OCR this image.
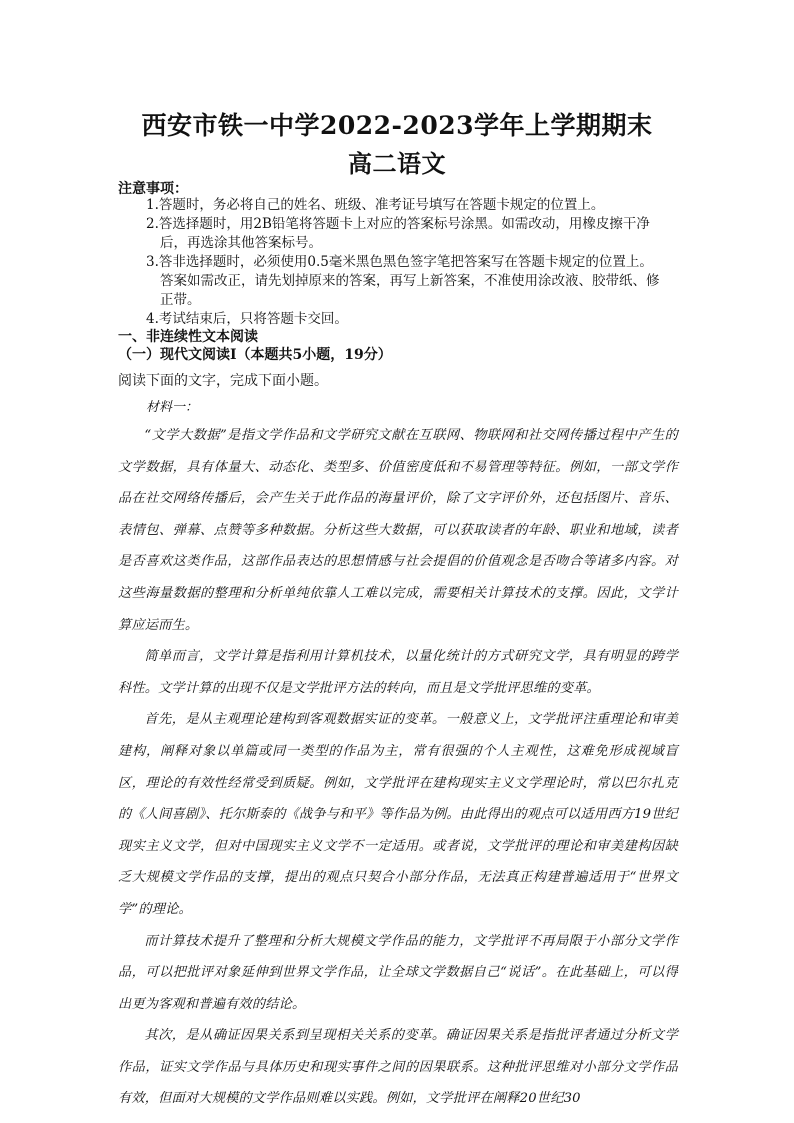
西安市铁一中学2022-2023学年上学期期末
高二语文
注意事项：
1.答题时，务必将自己的姓名、班级、准考证号填写在答题卡规定的位置上。
2.答选择题时，用2B铅笔将答题卡上对应的答案标号涂黑。如需改动，用橡皮擦干净
后，再选涂其他答案标号。
3.答非选择题时，必须使用0.5毫米黑色黑色签字笔把答案写在答题卡规定的位置上。
答案如需改正，请先划掉原来的答案，再写上新答案，不准使用涂改液、胶带纸、修
正带。
4.考试结束后，只将答题卡交回。
一、非连续性文本阅读
（一）现代文阅读Ⅰ（本题共5小题，19分）
阅读下面的文字，完成下面小题。
材料一：

“文学大数据”是指文学作品和文学研究文献在互联网、物联网和社交网传播过程中产生的文学数据，具有体量大、动态化、类型多、价值密度低和不易管理等特征。例如，一部文学作品在社交网络传播后，会产生关于此作品的海量评价，除了文字评价外，还包括图片、音乐、表情包、弹幕、点赞等多种数据。分析这些大数据，可以获取读者的年龄、职业和地域，读者是否喜欢这类作品，这部作品表达的思想情感与社会提倡的价值观念是否吻合等诸多内容。对这些海量数据的整理和分析单纯依靠人工难以完成，需要相关计算技术的支撑。因此，文学计算应运而生。

简单而言，文学计算是指利用计算机技术，以量化统计的方式研究文学，具有明显的跨学科性。文学计算的出现不仅是文学批评方法的转向，而且是文学批评思维的变革。

首先，是从主观理论建构到客观数据实证的变革。一般意义上，文学批评注重理论和审美建构，阐释对象以单篇或同一类型的作品为主，常有很强的个人主观性，这难免形成视域盲区，理论的有效性经常受到质疑。例如，文学批评在建构现实主义文学理论时，常以巴尔扎克的《人间喜剧》、托尔斯泰的《战争与和平》等作品为例。由此得出的观点可以适用西方19世纪现实主义文学，但对中国现实主义文学不一定适用。或者说，文学批评的理论和审美建构因缺乏大规模文学作品的支撑，提出的观点只契合小部分作品，无法真正构建普遍适用于“世界文学”的理论。

而计算技术提升了整理和分析大规模文学作品的能力，文学批评不再局限于小部分文学作品，可以把批评对象延伸到世界文学作品，让全球文学数据自己“说话”。在此基础上，可以得出更为客观和普遍有效的结论。

其次，是从确证因果关系到呈现相关关系的变革。确证因果关系是指批评者通过分析文学作品，证实文学作品与具体历史和现实事件之间的因果联系。这种批评思维对小部分文学作品有效，但面对大规模的文学作品则难以实践。例如，文学批评在阐释20世纪30
